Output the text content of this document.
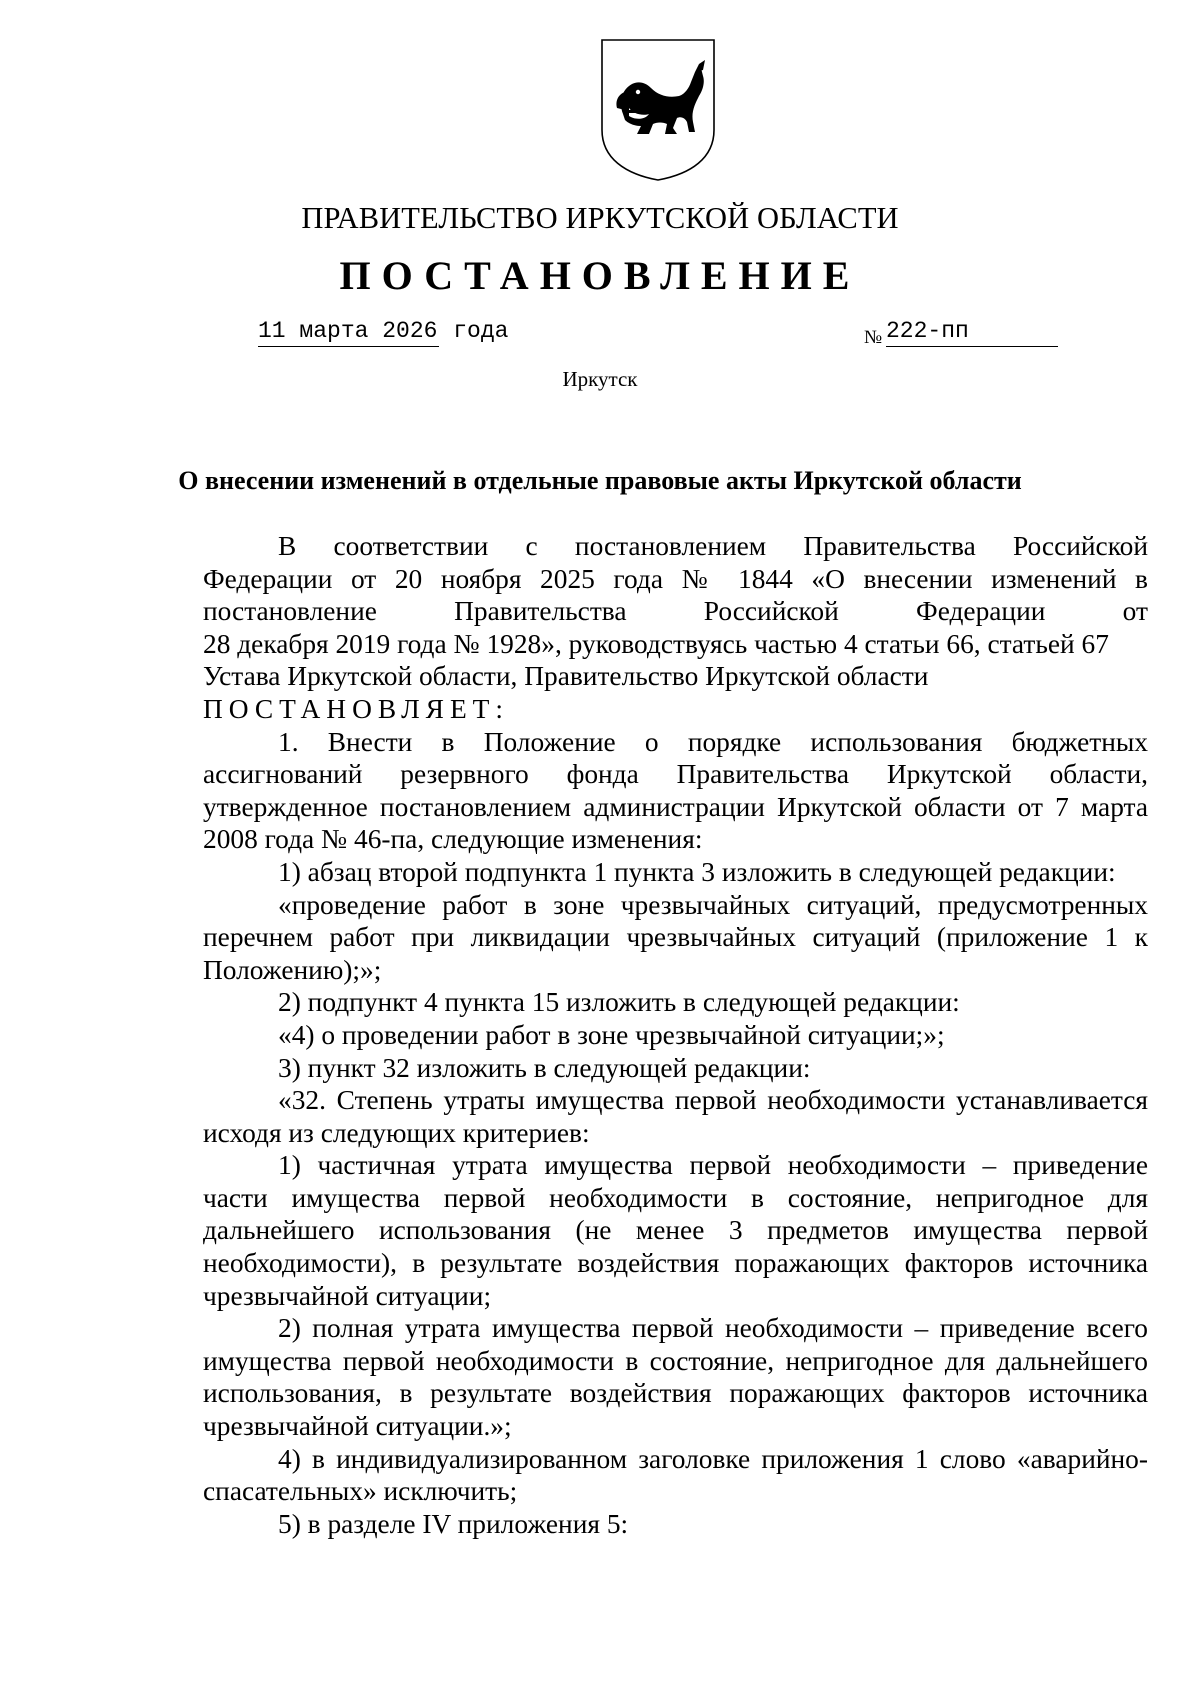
ПРАВИТЕЛЬСТВО ИРКУТСКОЙ ОБЛАСТИ
ПОСТАНОВЛЕНИЕ
11 марта 2026 года	№ 222-пп
Иркутск
О внесении изменений в отдельные правовые акты Иркутской области

В соответствии с постановлением Правительства Российской

Федерации от 20 ноября 2025 года № 1844 «О внесении изменений в

постановление Правительства Российской Федерации от

28 декабря 2019 года № 1928», руководствуясь частью 4 статьи 66, статьей 67

Устава Иркутской области, Правительство Иркутской области

ПОСТАНОВЛЯЕТ:

1. Внести в Положение о порядке использования бюджетных ассигнований резервного фонда Правительства Иркутской области, утвержденное постановлением администрации Иркутской области от 7 марта 2008 года № 46-па, следующие изменения:

1) абзац второй подпункта 1 пункта 3 изложить в следующей редакции:

«проведение работ в зоне чрезвычайных ситуаций, предусмотренных перечнем работ при ликвидации чрезвычайных ситуаций (приложение 1 к Положению);»;

2) подпункт 4 пункта 15 изложить в следующей редакции:

«4) о проведении работ в зоне чрезвычайной ситуации;»;

3) пункт 32 изложить в следующей редакции:

«32. Степень утраты имущества первой необходимости устанавливается исходя из следующих критериев:

1) частичная утрата имущества первой необходимости – приведение части имущества первой необходимости в состояние, непригодное для дальнейшего использования (не менее 3 предметов имущества первой необходимости), в результате воздействия поражающих факторов источника чрезвычайной ситуации;

2) полная утрата имущества первой необходимости – приведение всего имущества первой необходимости в состояние, непригодное для дальнейшего использования, в результате воздействия поражающих факторов источника чрезвычайной ситуации.»;

4) в индивидуализированном заголовке приложения 1 слово «аварийно-спасательных» исключить;

5) в разделе IV приложения 5:
